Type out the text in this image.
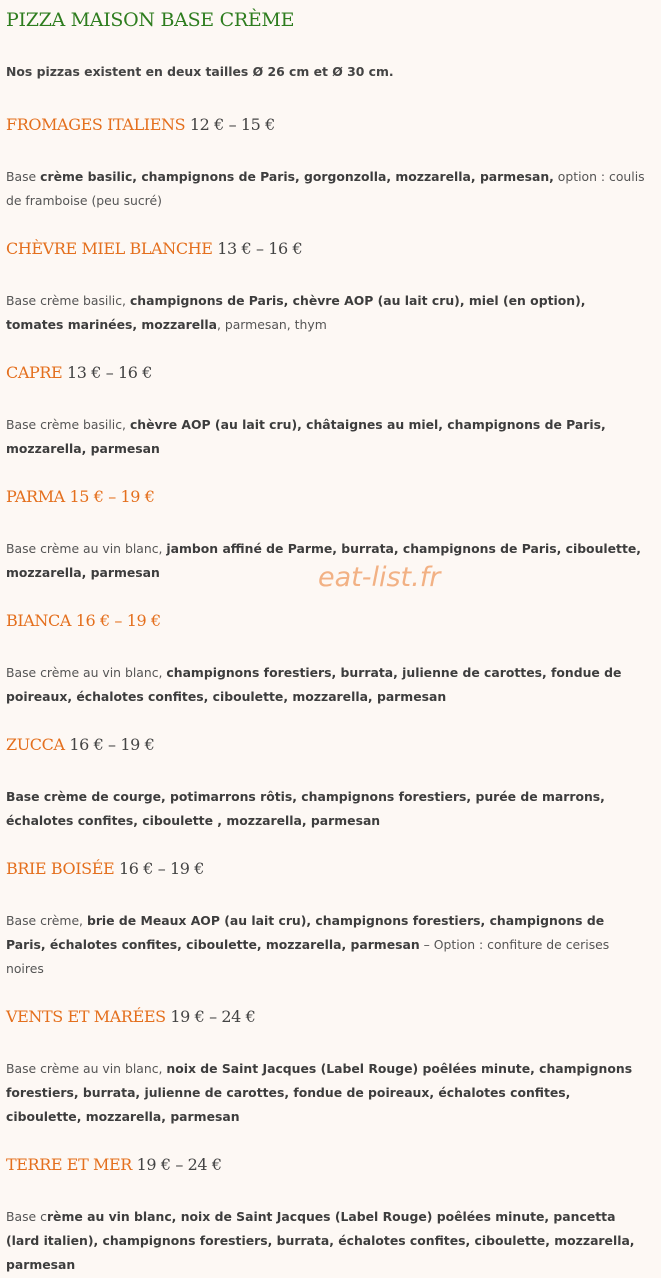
PIZZA MAISON BASE CRÈME

Nos pizzas existent en deux tailles Ø 26 cm et Ø 30 cm.

FROMAGES ITALIENS 12 € – 15 €

Base crème basilic, champignons de Paris, gorgonzolla, mozzarella, parmesan, option : coulis de framboise (peu sucré)

CHÈVRE MIEL BLANCHE 13 € – 16 €

Base crème basilic, champignons de Paris, chèvre AOP (au lait cru), miel (en option), tomates marinées, mozzarella, parmesan, thym

CAPRE 13 € – 16 €

Base crème basilic, chèvre AOP (au lait cru), châtaignes au miel, champignons de Paris, mozzarella, parmesan

PARMA 15 € – 19 €

Base crème au vin blanc, jambon affiné de Parme, burrata, champignons de Paris, ciboulette, mozzarella, parmesan

BIANCA 16 € – 19 €

Base crème au vin blanc, champignons forestiers, burrata, julienne de carottes, fondue de poireaux, échalotes confites, ciboulette, mozzarella, parmesan

ZUCCA 16 € – 19 €

Base crème de courge, potimarrons rôtis, champignons forestiers, purée de marrons, échalotes confites, ciboulette , mozzarella, parmesan

BRIE BOISÉE 16 € – 19 €

Base crème, brie de Meaux AOP (au lait cru), champignons forestiers, champignons de Paris, échalotes confites, ciboulette, mozzarella, parmesan – Option : confiture de cerises noires

VENTS ET MARÉES 19 € – 24 €

Base crème au vin blanc, noix de Saint Jacques (Label Rouge) poêlées minute, champignons forestiers, burrata, julienne de carottes, fondue de poireaux, échalotes confites, ciboulette, mozzarella, parmesan

TERRE ET MER 19 € – 24 €

Base crème au vin blanc, noix de Saint Jacques (Label Rouge) poêlées minute, pancetta (lard italien), champignons forestiers, burrata, échalotes confites, ciboulette, mozzarella, parmesan

eat-list.fr
